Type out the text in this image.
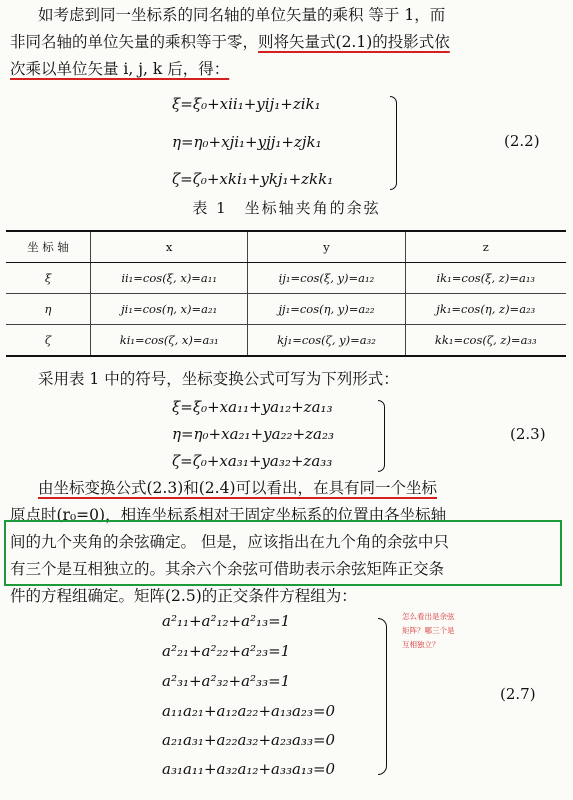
如考虑到同一坐标系的同名轴的单位矢量的乘积 等于 1，而
非同名轴的单位矢量的乘积等于零，则将矢量式(2.1)的投影式依
次乘以单位矢量 i, j, k 后，得：
ξ=ξ₀+xii₁+yij₁+zik₁
η=η₀+xji₁+yjj₁+zjk₁
ζ=ζ₀+xki₁+ykj₁+zkk₁
(2.2)
表 1　坐标轴夹角的余弦
坐 标 轴	x	y	z
ξ	ii₁=cos(ξ, x)=a₁₁	ij₁=cos(ξ, y)=a₁₂	ik₁=cos(ξ, z)=a₁₃
η	ji₁=cos(η, x)=a₂₁	jj₁=cos(η, y)=a₂₂	jk₁=cos(η, z)=a₂₃
ζ	ki₁=cos(ζ, x)=a₃₁	kj₁=cos(ζ, y)=a₃₂	kk₁=cos(ζ, z)=a₃₃
采用表 1 中的符号，坐标变换公式可写为下列形式：
ξ=ξ₀+xa₁₁+ya₁₂+za₁₃
η=η₀+xa₂₁+ya₂₂+za₂₃
ζ=ζ₀+xa₃₁+ya₃₂+za₃₃
(2.3)
由坐标变换公式(2.3)和(2.4)可以看出，在具有同一个坐标
原点时(r₀=0)，相连坐标系相对于固定坐标系的位置由各坐标轴
间的九个夹角的余弦确定。 但是，应该指出在九个角的余弦中只
有三个是互相独立的。其余六个余弦可借助表示余弦矩阵正交条
件的方程组确定。矩阵(2.5)的正交条件方程组为：
a²₁₁+a²₁₂+a²₁₃=1
a²₂₁+a²₂₂+a²₂₃=1
a²₃₁+a²₃₂+a²₃₃=1
a₁₁a₂₁+a₁₂a₂₂+a₁₃a₂₃=0
a₂₁a₃₁+a₂₂a₃₂+a₂₃a₃₃=0
a₃₁a₁₁+a₃₂a₁₂+a₃₃a₁₃=0
(2.7)
怎么看出是余弦
矩阵？哪三个是
互相独立？
